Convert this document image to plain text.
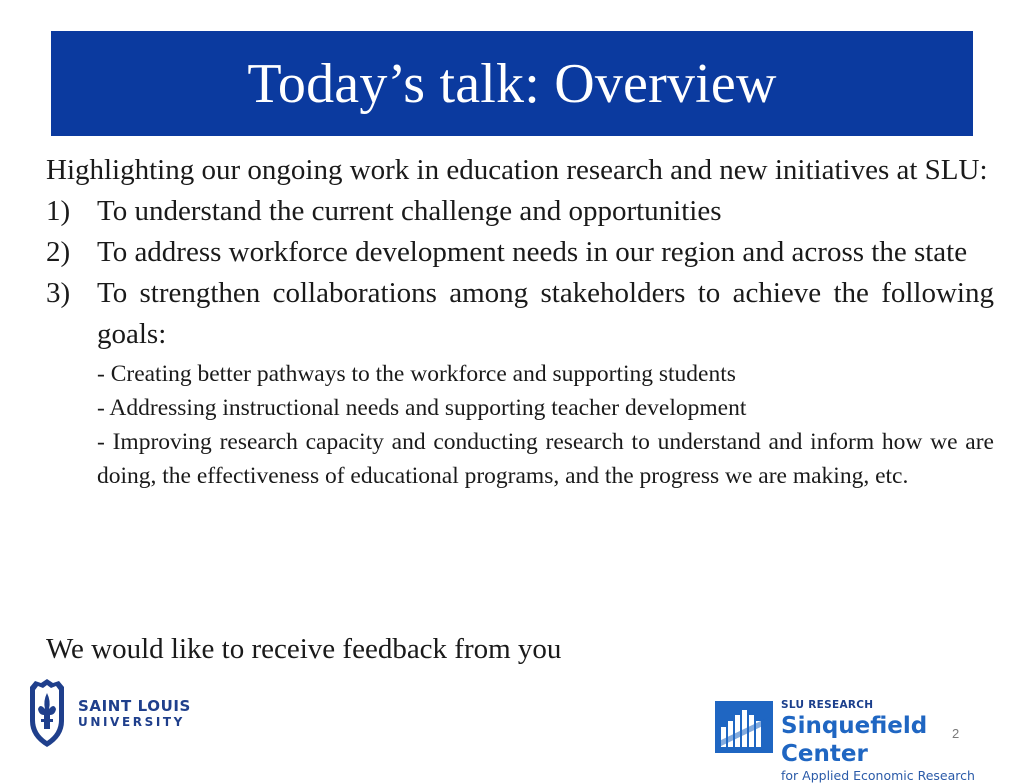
Today’s talk: Overview

Highlighting our ongoing work in education research and new initiatives at SLU:

1) To understand the current challenge and opportunities
2) To address workforce development needs in our region and across the state
3) To strengthen collaborations among stakeholders to achieve the following goals:

- Creating better pathways to the workforce and supporting students

- Addressing instructional needs and supporting teacher development

- Improving research capacity and conducting research to understand and inform how we are doing, the effectiveness of educational programs, and the progress we are making, etc.

We would like to receive feedback from you

SAINT LOUIS
UNIVERSITY
SLU RESEARCH
Sinquefield Center
for Applied Economic Research
2
